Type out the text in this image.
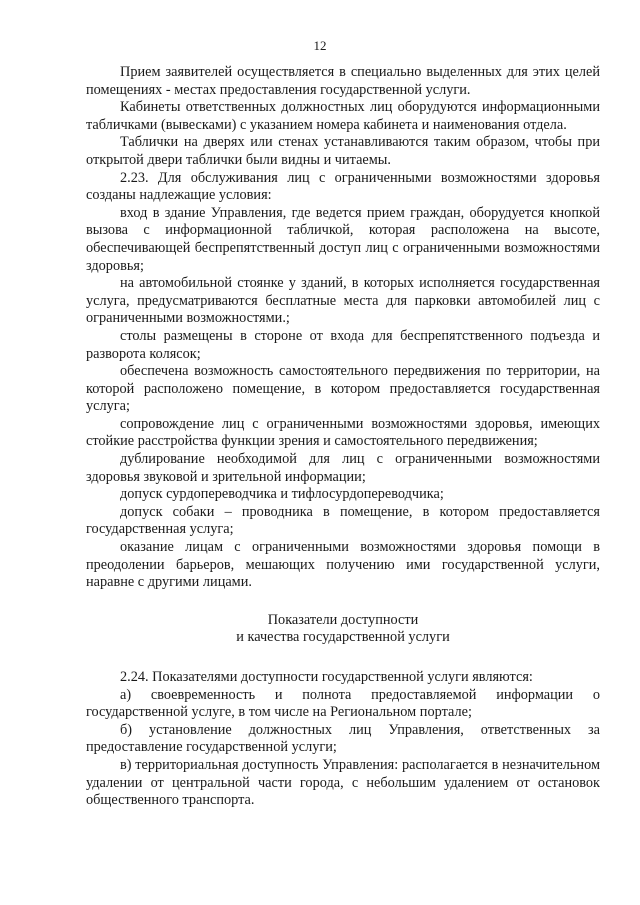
12

Прием заявителей осуществляется в специально выделенных для этих целей помещениях - местах предоставления государственной услуги.

Кабинеты ответственных должностных лиц оборудуются информационными табличками (вывесками) с указанием номера кабинета и наименования отдела.

Таблички на дверях или стенах устанавливаются таким образом, чтобы при открытой двери таблички были видны и читаемы.

2.23. Для обслуживания лиц с ограниченными возможностями здоровья созданы надлежащие условия:

вход в здание Управления, где ведется прием граждан, оборудуется кнопкой вызова с информационной табличкой, которая расположена на высоте, обеспечивающей беспрепятственный доступ лиц с ограниченными возможностями здоровья;

на автомобильной стоянке у зданий, в которых исполняется государственная услуга, предусматриваются бесплатные места для парковки автомобилей лиц с ограниченными возможностями.;

столы размещены в стороне от входа для беспрепятственного подъезда и разворота колясок;

обеспечена возможность самостоятельного передвижения по территории, на которой расположено помещение, в котором предоставляется государственная услуга;

сопровождение лиц с ограниченными возможностями здоровья, имеющих стойкие расстройства функции зрения и самостоятельного передвижения;

дублирование необходимой для лиц с ограниченными возможностями здоровья звуковой и зрительной информации;

допуск сурдопереводчика и тифлосурдопереводчика;

допуск собаки – проводника в помещение, в котором предоставляется государственная услуга;

оказание лицам с ограниченными возможностями здоровья помощи в преодолении барьеров, мешающих получению ими государственной услуги, наравне с другими лицами.

Показатели доступности

и качества государственной услуги

2.24. Показателями доступности государственной услуги являются:

а) своевременность и полнота предоставляемой информации о государственной услуге, в том числе на Региональном портале;

б) установление должностных лиц Управления, ответственных за предоставление государственной услуги;

в) территориальная доступность Управления: располагается в незначительном удалении от центральной части города, с небольшим удалением от остановок общественного транспорта.
